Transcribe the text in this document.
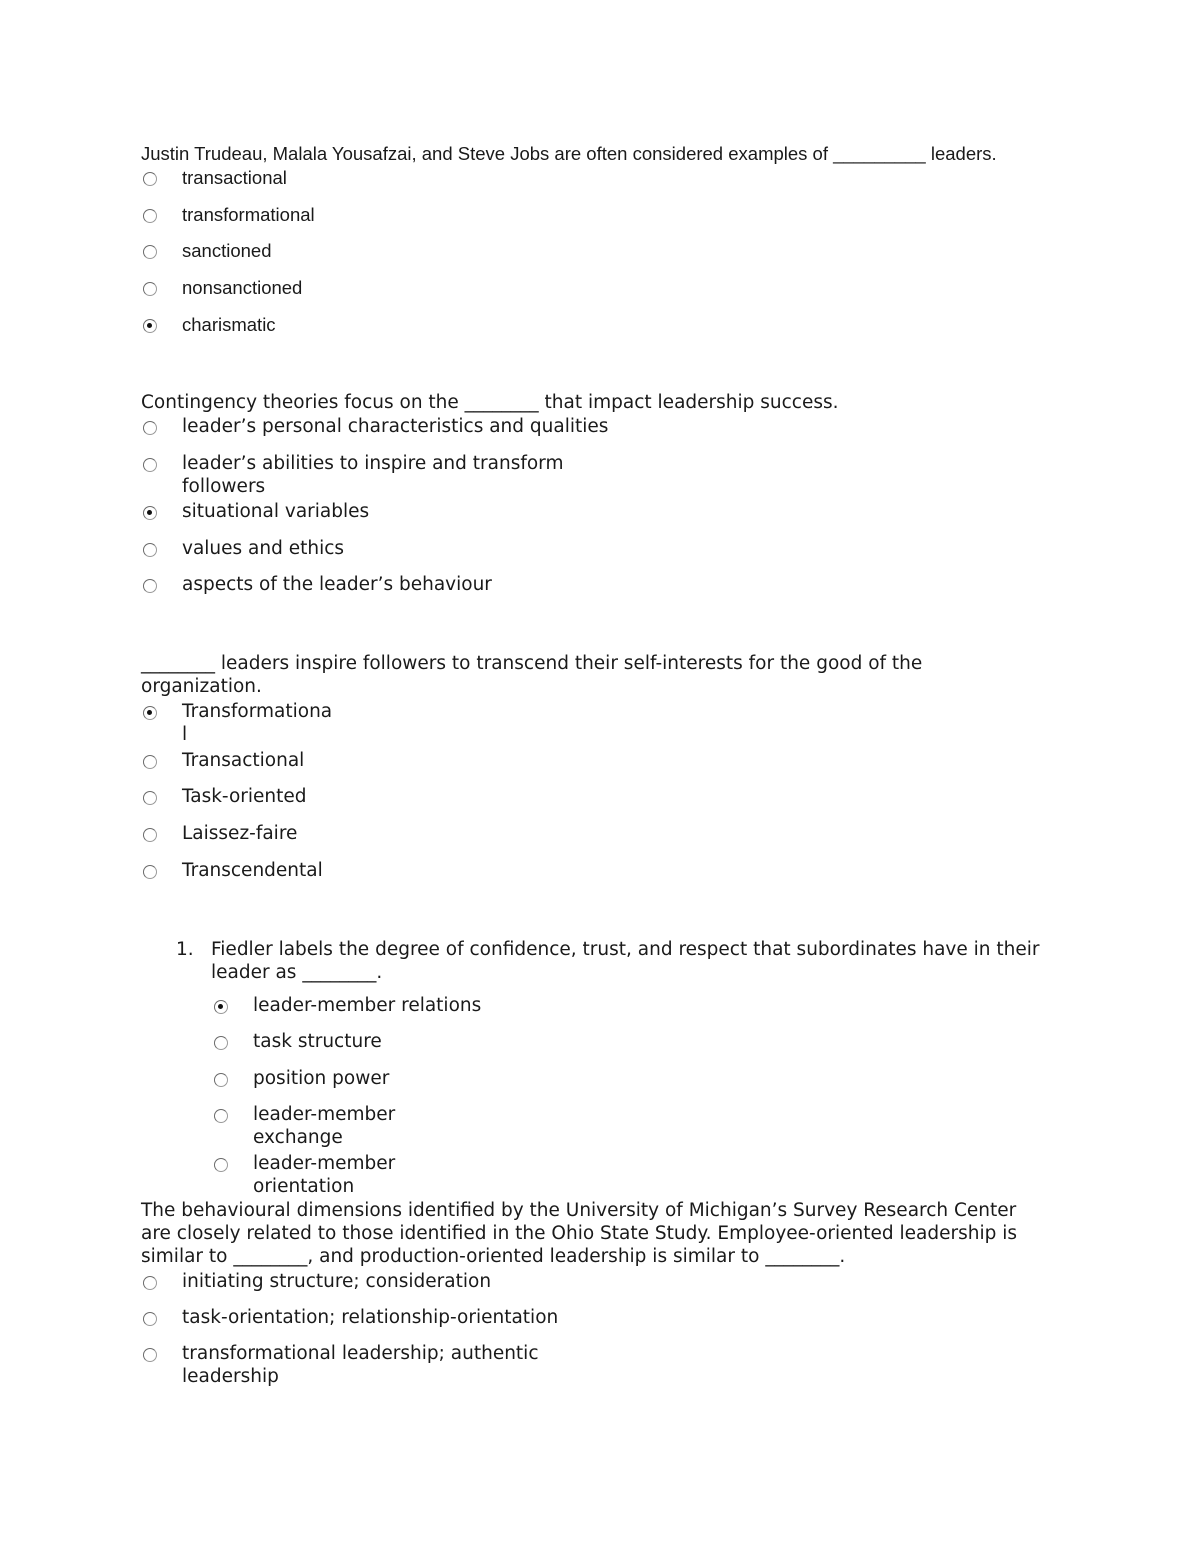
Justin Trudeau, Malala Yousafzai, and Steve Jobs are often considered examples of _________ leaders.
transactional
transformational
sanctioned
nonsanctioned
charismatic
Contingency theories focus on the ________ that impact leadership success.
leader’s personal characteristics and qualities
leader’s abilities to inspire and transform followers
situational variables
values and ethics
aspects of the leader’s behaviour
________ leaders inspire followers to transcend their self-interests for the good of the organization.
Transformational
Transactional
Task-oriented
Laissez-faire
Transcendental
1. Fiedler labels the degree of confidence, trust, and respect that subordinates have in their leader as ________.
leader-member relations
task structure
position power
leader-member exchange
leader-member orientation
The behavioural dimensions identified by the University of Michigan’s Survey Research Center are closely related to those identified in the Ohio State Study. Employee-oriented leadership is similar to ________, and production-oriented leadership is similar to ________.
initiating structure; consideration
task-orientation; relationship-orientation
transformational leadership; authentic leadership
